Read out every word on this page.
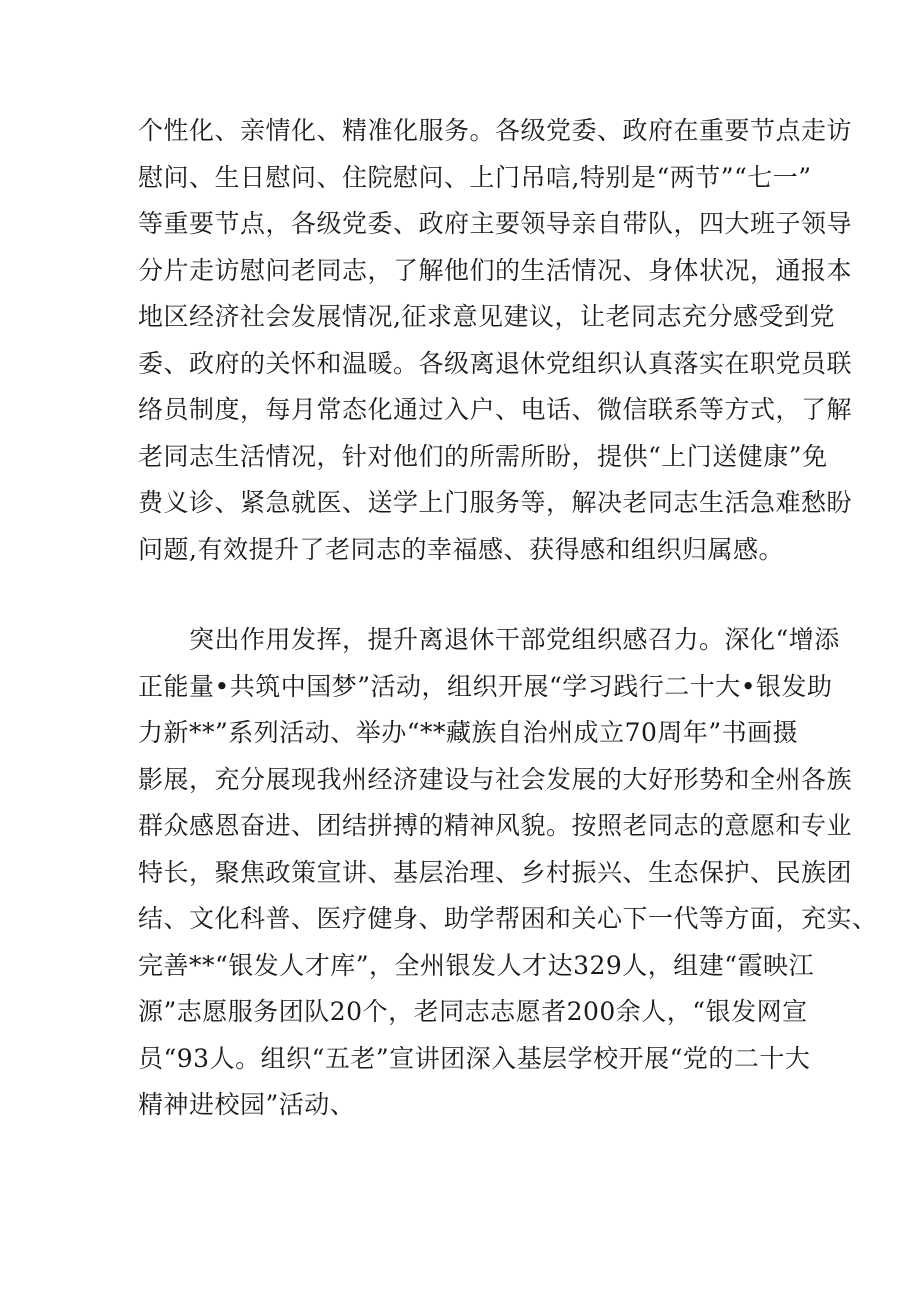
个性化、亲情化、精准化服务。各级党委、政府在重要节点走访
慰问、生日慰问、住院慰问、上门吊唁,特别是“两节”“七一”
等重要节点，各级党委、政府主要领导亲自带队，四大班子领导
分片走访慰问老同志，了解他们的生活情况、身体状况，通报本
地区经济社会发展情况,征求意见建议，让老同志充分感受到党
委、政府的关怀和温暖。各级离退休党组织认真落实在职党员联
络员制度，每月常态化通过入户、电话、微信联系等方式，了解
老同志生活情况，针对他们的所需所盼，提供“上门送健康”免
费义诊、紧急就医、送学上门服务等，解决老同志生活急难愁盼
问题,有效提升了老同志的幸福感、获得感和组织归属感。
　　突出作用发挥，提升离退休干部党组织感召力。深化“增添
正能量•共筑中国梦”活动，组织开展“学习践行二十大•银发助
力新**”系列活动、举办“**藏族自治州成立70周年”书画摄
影展，充分展现我州经济建设与社会发展的大好形势和全州各族
群众感恩奋进、团结拼搏的精神风貌。按照老同志的意愿和专业
特长，聚焦政策宣讲、基层治理、乡村振兴、生态保护、民族团
结、文化科普、医疗健身、助学帮困和关心下一代等方面，充实、
完善**“银发人才库”，全州银发人才达329人，组建“霞映江
源”志愿服务团队20个，老同志志愿者200余人，“银发网宣
员“93人。组织“五老”宣讲团深入基层学校开展“党的二十大
精神进校园”活动、
